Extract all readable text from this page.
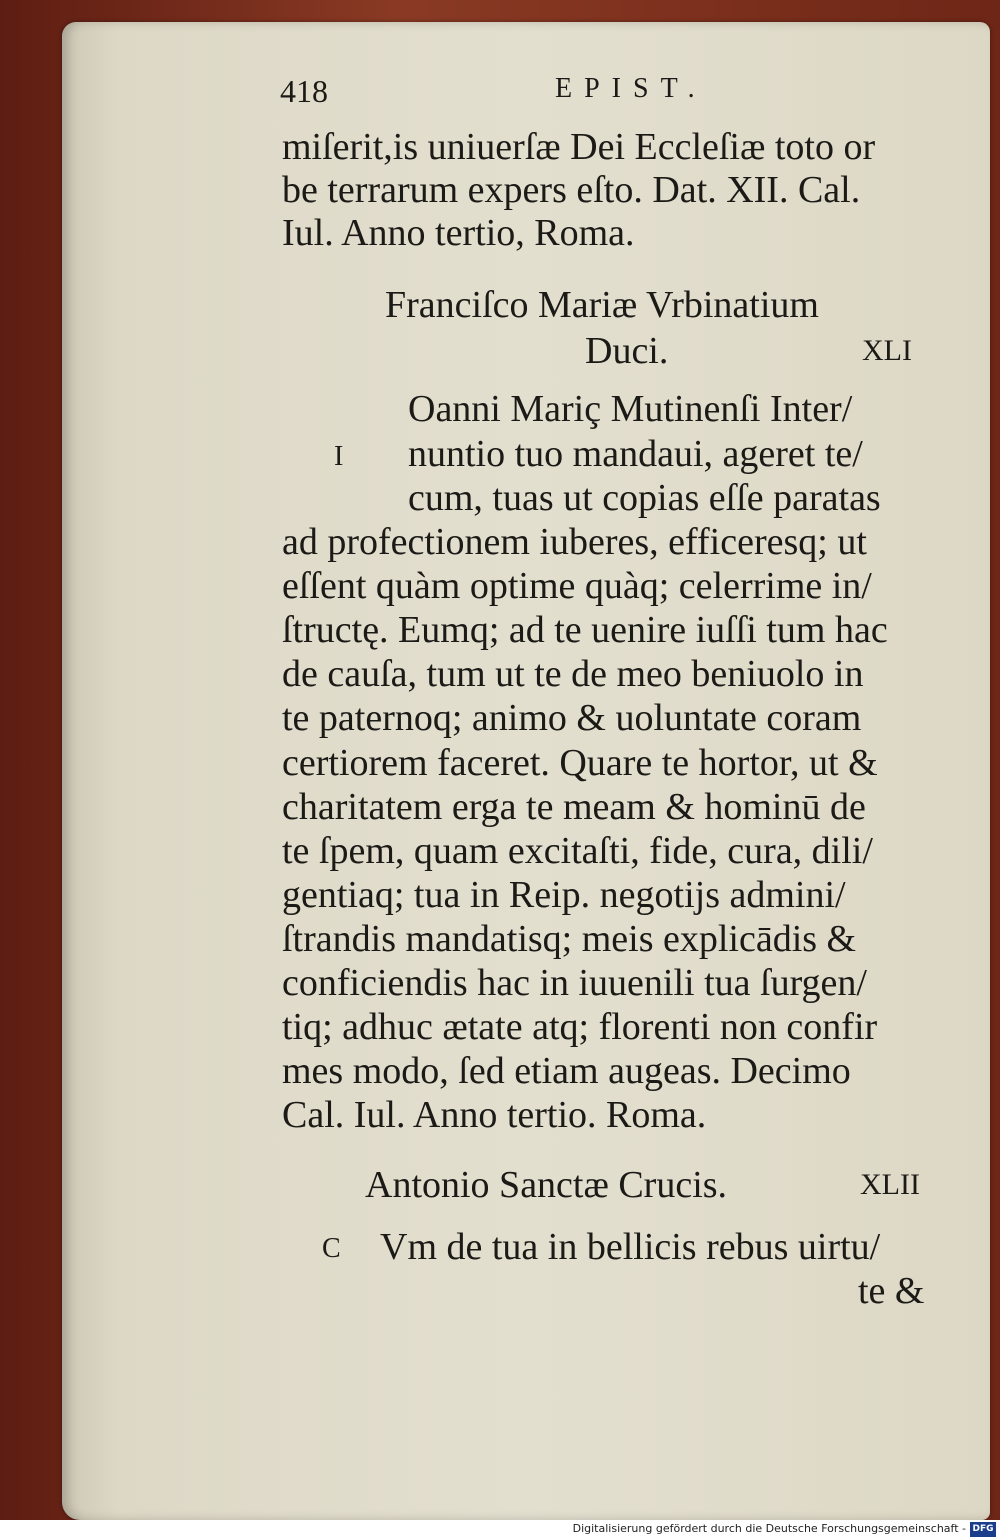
418	EPIST.
miſerit,is uniuerſæ Dei Eccleſiæ toto or
be terrarum expers eſto. Dat. XII. Cal.
Iul. Anno tertio, Roma.
Franciſco Mariæ Vrbinatium
Duci.	XLI
I
Oanni Mariç Mutinenſi Inter/
nuntio tuo mandaui, ageret te/
cum, tuas ut copias eſſe paratas
ad profectionem iuberes, efficeresq; ut
eſſent quàm optime quàq; celerrime in/
ſtructę. Eumq; ad te uenire iuſſi tum hac
de cauſa, tum ut te de meo beniuolo in
te paternoq; animo & uoluntate coram
certiorem faceret. Quare te hortor, ut &
charitatem erga te meam & hominū de
te ſpem, quam excitaſti, fide, cura, dili/
gentiaq; tua in Reip. negotijs admini/
ſtrandis mandatisq; meis explicādis &
conficiendis hac in iuuenili tua ſurgen/
tiq; adhuc ætate atq; florenti non confir
mes modo, ſed etiam augeas. Decimo
Cal. Iul. Anno tertio. Roma.
Antonio Sanctæ Crucis.	XLII
C Vm de tua in bellicis rebus uirtu/
te &
Digitalisierung gefördert durch die Deutsche Forschungsgemeinschaft - DFG
